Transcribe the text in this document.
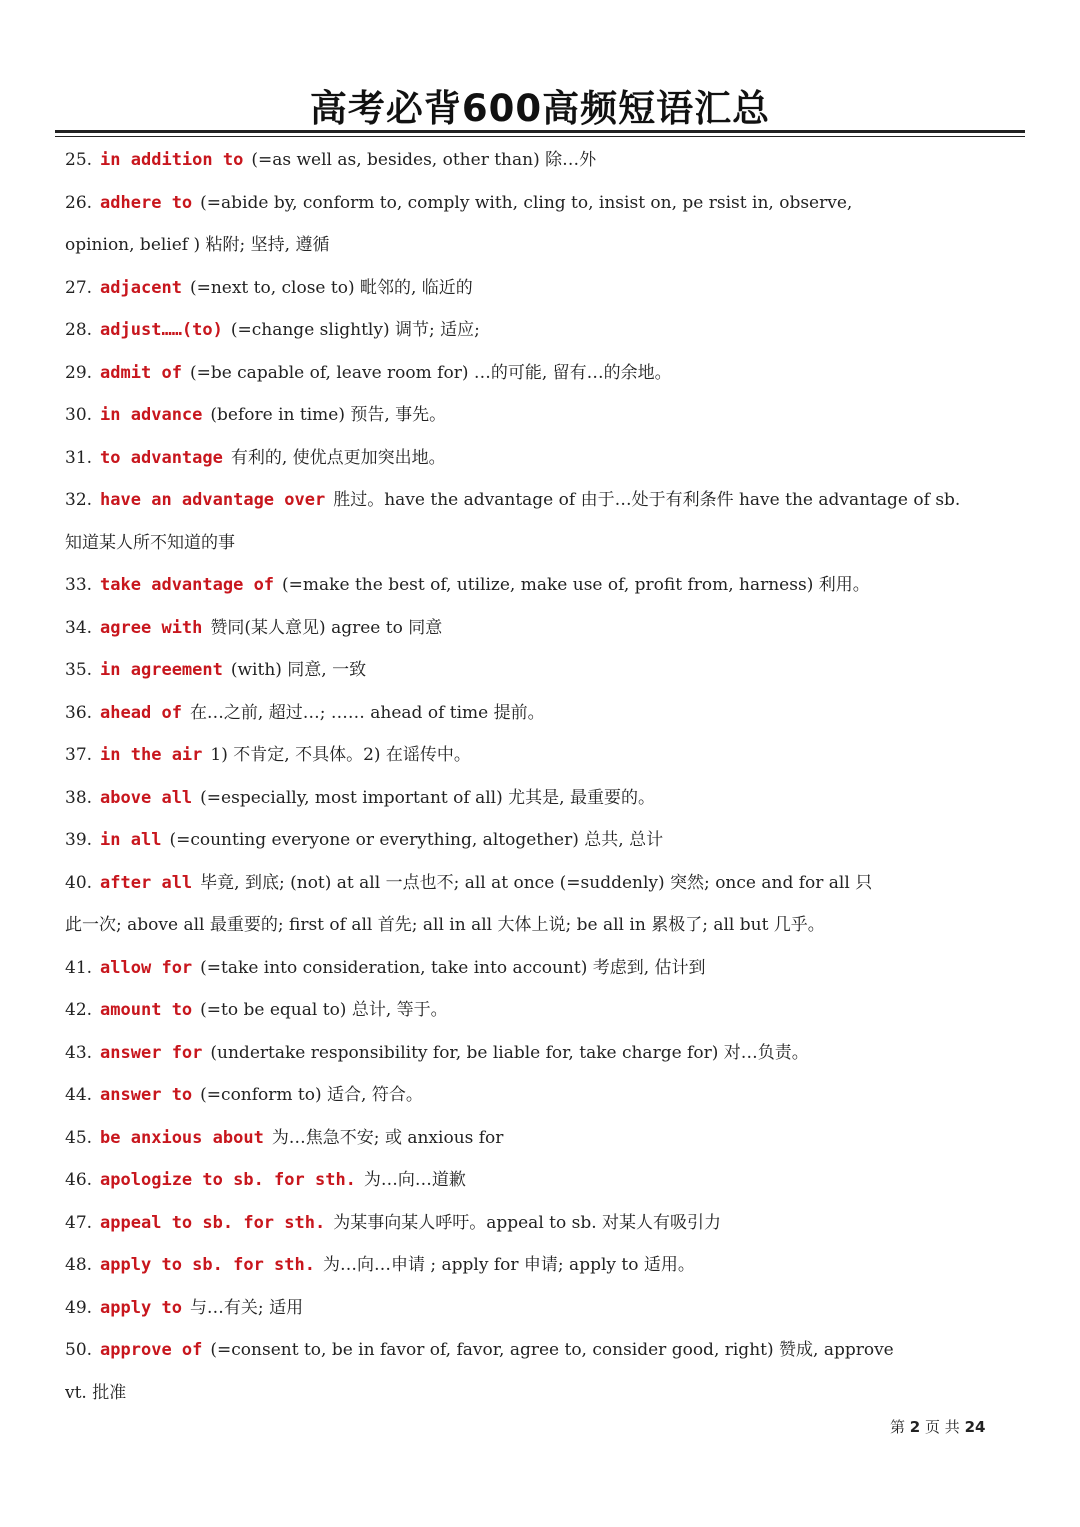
高考必背600高频短语汇总
25. in addition to (=as well as, besides, other than) 除…外
26. adhere to (=abide by, conform to, comply with, cling to, insist on, pe rsist in, observe,
opinion, belief ) 粘附; 坚持, 遵循
27. adjacent (=next to, close to) 毗邻的, 临近的
28. adjust……(to) (=change slightly) 调节; 适应;
29. admit of (=be capable of, leave room for) …的可能, 留有…的余地。
30. in advance (before in time) 预告, 事先。
31. to advantage 有利的, 使优点更加突出地。
32. have an advantage over 胜过。have the advantage of 由于…处于有利条件 have the advantage of sb.
知道某人所不知道的事
33. take advantage of (=make the best of, utilize, make use of, profit from, harness) 利用。
34. agree with 赞同(某人意见) agree to 同意
35. in agreement (with) 同意, 一致
36. ahead of 在…之前, 超过…; …… ahead of time 提前。
37. in the air 1) 不肯定, 不具体。2) 在谣传中。
38. above all (=especially, most important of all) 尤其是, 最重要的。
39. in all (=counting everyone or everything, altogether) 总共, 总计
40. after all 毕竟, 到底; (not) at all 一点也不; all at once (=suddenly) 突然; once and for all 只
此一次; above all 最重要的; first of all 首先; all in all 大体上说; be all in 累极了; all but 几乎。
41. allow for (=take into consideration, take into account) 考虑到, 估计到
42. amount to (=to be equal to) 总计, 等于。
43. answer for (undertake responsibility for, be liable for, take charge for) 对…负责。
44. answer to (=conform to) 适合, 符合。
45. be anxious about 为…焦急不安; 或 anxious for
46. apologize to sb. for sth. 为…向…道歉
47. appeal to sb. for sth. 为某事向某人呼吁。appeal to sb. 对某人有吸引力
48. apply to sb. for sth. 为…向…申请 ; apply for 申请; apply to 适用。
49. apply to 与…有关; 适用
50. approve of (=consent to, be in favor of, favor, agree to, consider good, right) 赞成, approve
vt. 批准
第 2 页 共 24
